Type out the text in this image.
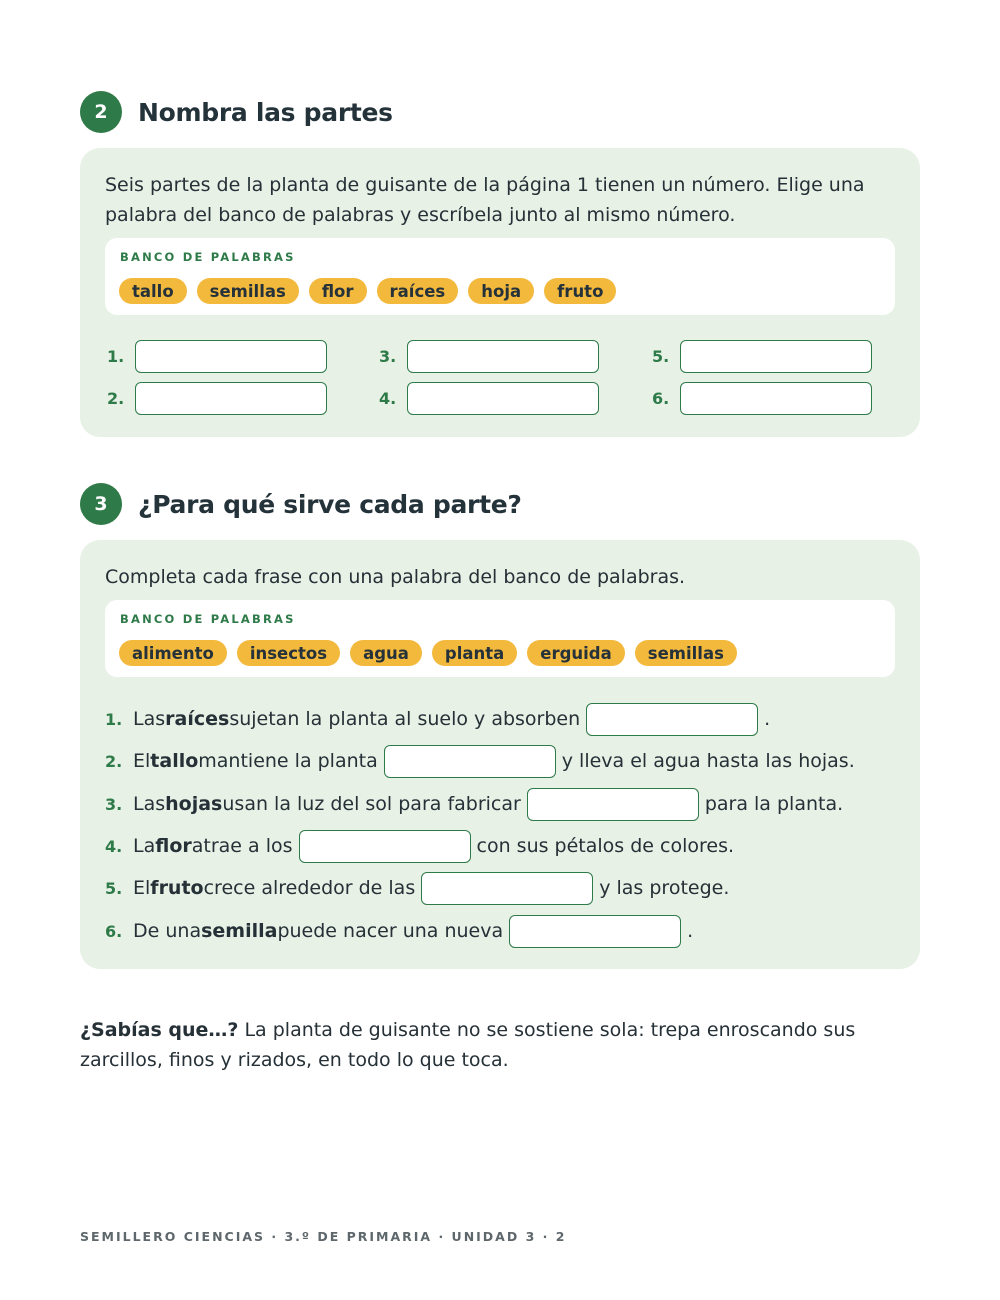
2	Nombra las partes
Seis partes de la planta de guisante de la página 1 tienen un número. Elige una palabra del banco de palabras y escríbela junto al mismo número.
BANCO DE PALABRAS
tallo	semillas	flor	raíces	hoja	fruto
1.
2.
3.
4.
5.
6.
3	¿Para qué sirve cada parte?
Completa cada frase con una palabra del banco de palabras.
BANCO DE PALABRAS
alimento	insectos	agua	planta	erguida	semillas
1. Las raíces sujetan la planta al suelo y absorben	.
2. El tallo mantiene la planta	y lleva el agua hasta las hojas.
3. Las hojas usan la luz del sol para fabricar	para la planta.
4. La flor atrae a los	con sus pétalos de colores.
5. El fruto crece alrededor de las	y las protege.
6. De una semilla puede nacer una nueva	.
¿Sabías que…? La planta de guisante no se sostiene sola: trepa enroscando sus zarcillos, finos y rizados, en todo lo que toca.
SEMILLERO CIENCIAS · 3.º DE PRIMARIA · UNIDAD 3 · 2
